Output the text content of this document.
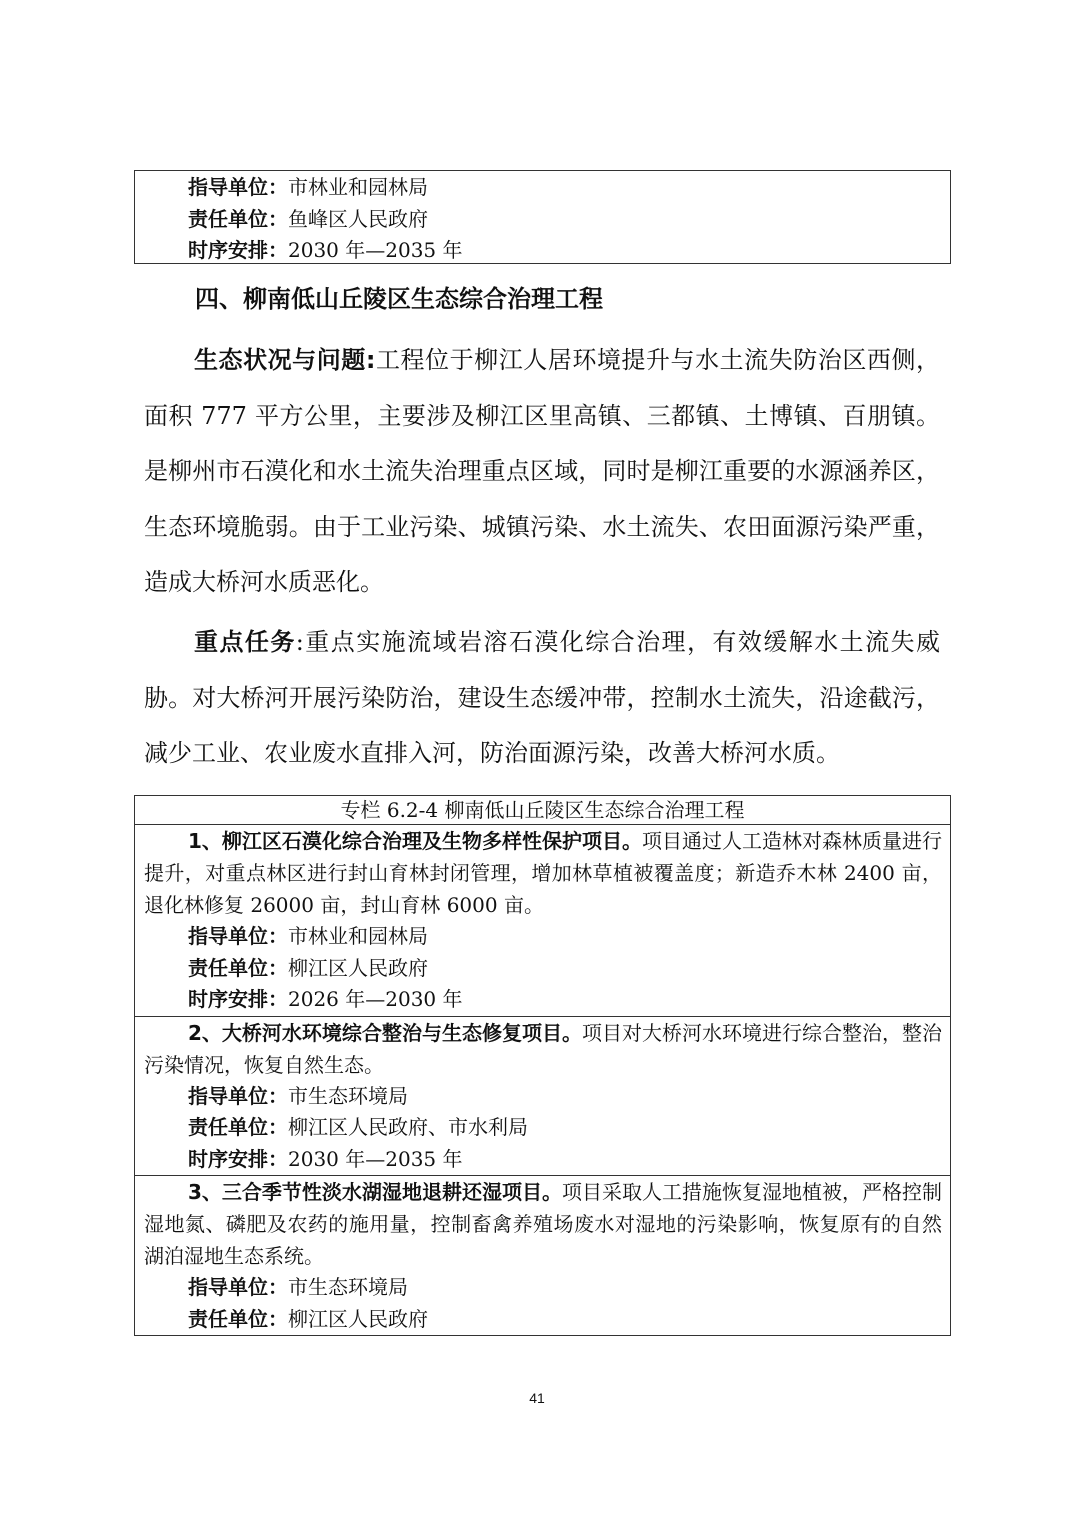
指导单位：市林业和园林局
责任单位：鱼峰区人民政府
时序安排：2030 年—2035 年
四、柳南低山丘陵区生态综合治理工程
生态状况与问题:工程位于柳江人居环境提升与水土流失防治区西侧，面积 777 平方公里，主要涉及柳江区里高镇、三都镇、土博镇、百朋镇。是柳州市石漠化和水土流失治理重点区域，同时是柳江重要的水源涵养区，生态环境脆弱。由于工业污染、城镇污染、水土流失、农田面源污染严重，造成大桥河水质恶化。
重点任务:重点实施流域岩溶石漠化综合治理，有效缓解水土流失威胁。对大桥河开展污染防治，建设生态缓冲带，控制水土流失，沿途截污，减少工业、农业废水直排入河，防治面源污染，改善大桥河水质。
专栏 6.2-4 柳南低山丘陵区生态综合治理工程
1、柳江区石漠化综合治理及生物多样性保护项目。项目通过人工造林对森林质量进行提升，对重点林区进行封山育林封闭管理，增加林草植被覆盖度；新造乔木林 2400 亩，退化林修复 26000 亩，封山育林 6000 亩。
指导单位：市林业和园林局
责任单位：柳江区人民政府
时序安排：2026 年—2030 年
2、大桥河水环境综合整治与生态修复项目。项目对大桥河水环境进行综合整治，整治污染情况，恢复自然生态。
指导单位：市生态环境局
责任单位：柳江区人民政府、市水利局
时序安排：2030 年—2035 年
3、三合季节性淡水湖湿地退耕还湿项目。项目采取人工措施恢复湿地植被，严格控制湿地氮、磷肥及农药的施用量，控制畜禽养殖场废水对湿地的污染影响，恢复原有的自然湖泊湿地生态系统。
指导单位：市生态环境局
责任单位：柳江区人民政府
41
